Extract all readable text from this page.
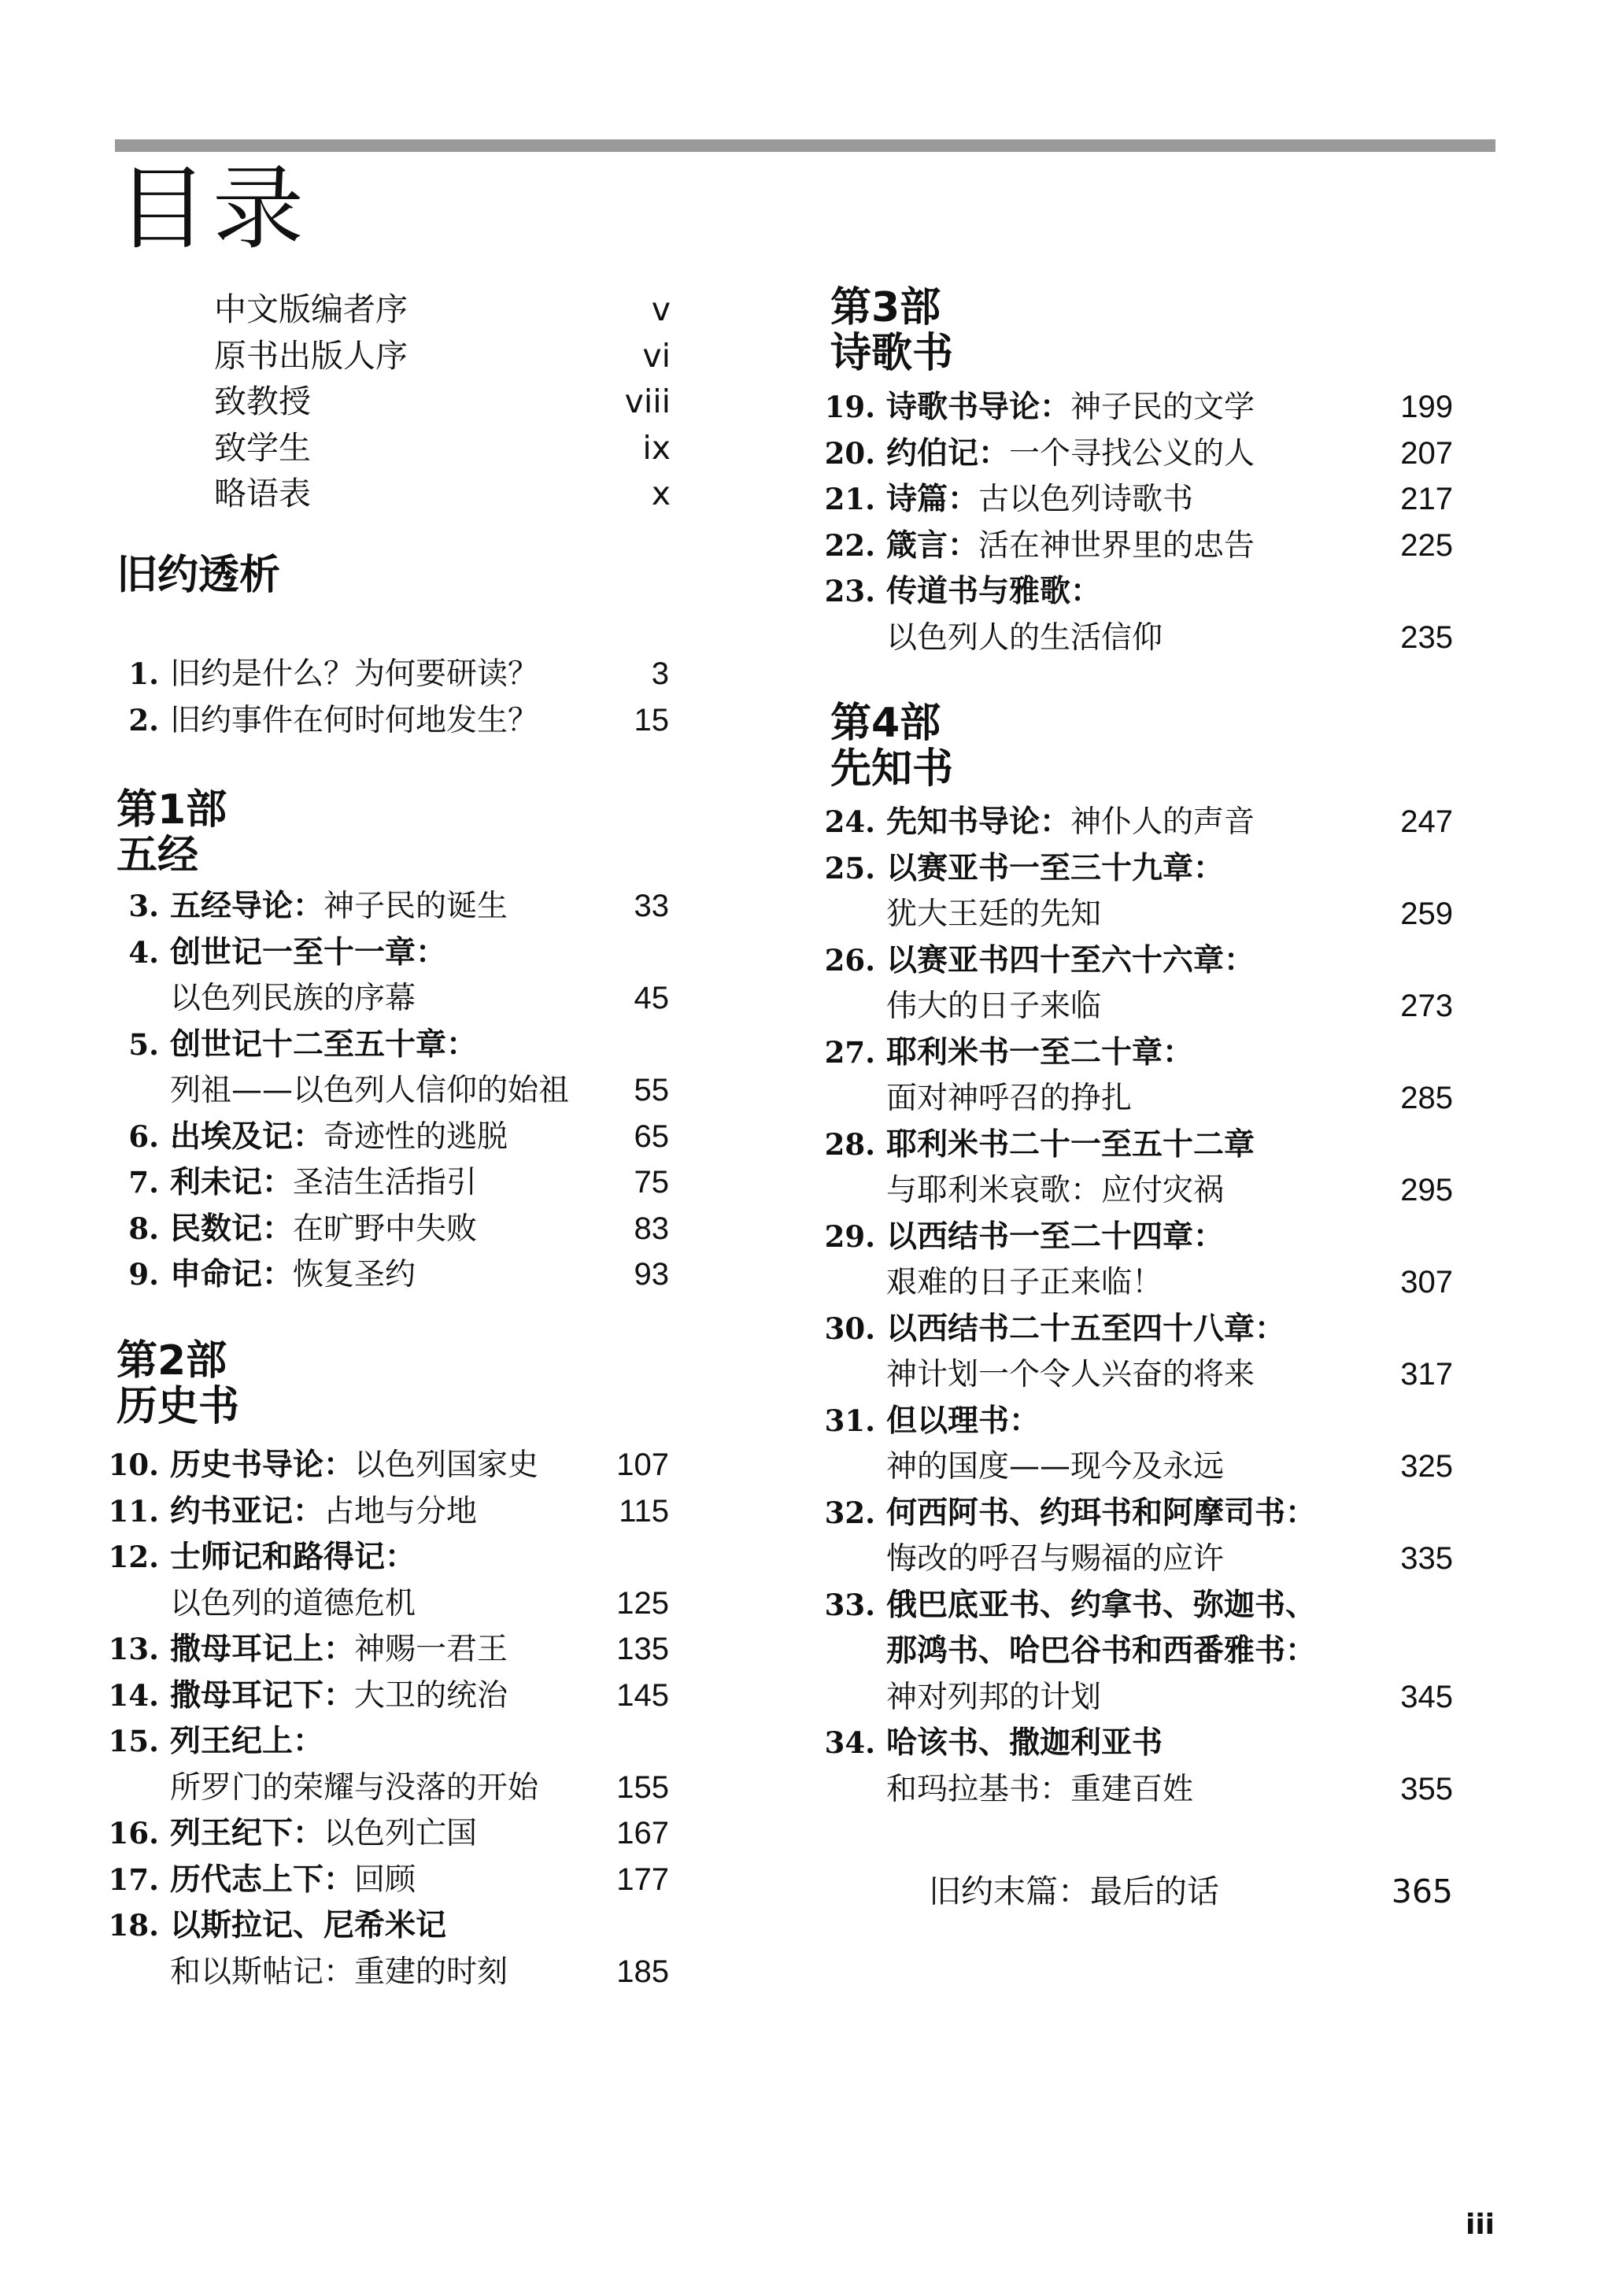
目录
中文版编者序	v
原书出版人序	vi
致教授	viii
致学生	ix
略语表	x
旧约透析
1. 旧约是什么？为何要研读？	3
2. 旧约事件在何时何地发生？	15
第1部
五经
3. 五经导论：神子民的诞生	33
4. 创世记一至十一章：
以色列民族的序幕	45
5. 创世记十二至五十章：
列祖——以色列人信仰的始祖	55
6. 出埃及记：奇迹性的逃脱	65
7. 利未记：圣洁生活指引	75
8. 民数记：在旷野中失败	83
9. 申命记：恢复圣约	93
第2部
历史书
10. 历史书导论：以色列国家史	107
11. 约书亚记：占地与分地	115
12. 士师记和路得记：
以色列的道德危机	125
13. 撒母耳记上：神赐一君王	135
14. 撒母耳记下：大卫的统治	145
15. 列王纪上：
所罗门的荣耀与没落的开始	155
16. 列王纪下：以色列亡国	167
17. 历代志上下：回顾	177
18. 以斯拉记、尼希米记
和以斯帖记：重建的时刻	185
第3部
诗歌书
19. 诗歌书导论：神子民的文学	199
20. 约伯记：一个寻找公义的人	207
21. 诗篇：古以色列诗歌书	217
22. 箴言：活在神世界里的忠告	225
23. 传道书与雅歌：
以色列人的生活信仰	235
第4部
先知书
24. 先知书导论：神仆人的声音	247
25. 以赛亚书一至三十九章：
犹大王廷的先知	259
26. 以赛亚书四十至六十六章：
伟大的日子来临	273
27. 耶利米书一至二十章：
面对神呼召的挣扎	285
28. 耶利米书二十一至五十二章
与耶利米哀歌：应付灾祸	295
29. 以西结书一至二十四章：
艰难的日子正来临！	307
30. 以西结书二十五至四十八章：
神计划一个令人兴奋的将来	317
31. 但以理书：
神的国度——现今及永远	325
32. 何西阿书、约珥书和阿摩司书：
悔改的呼召与赐福的应许	335
33. 俄巴底亚书、约拿书、弥迦书、
那鸿书、哈巴谷书和西番雅书：
神对列邦的计划	345
34. 哈该书、撒迦利亚书
和玛拉基书：重建百姓	355
旧约末篇：最后的话	365
iii
